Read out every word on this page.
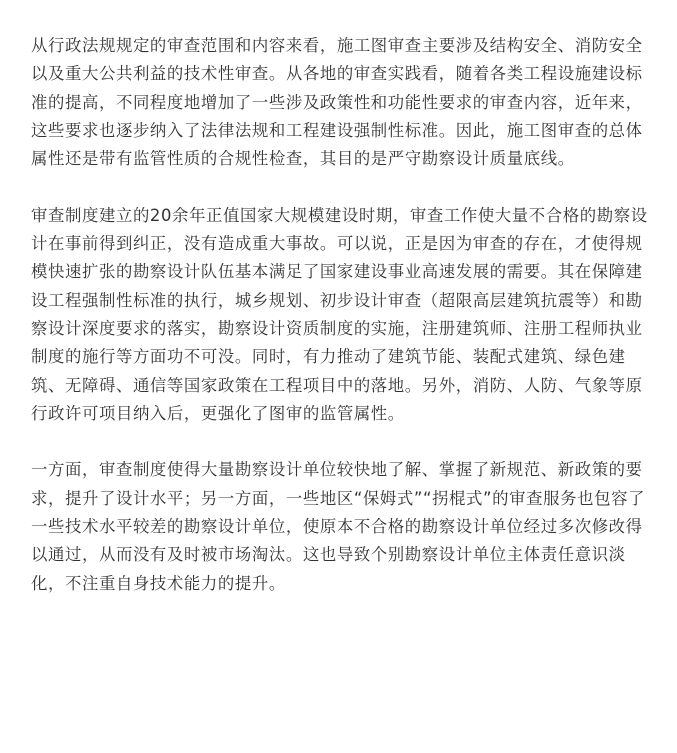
从行政法规规定的审查范围和内容来看，施工图审查主要涉及结构安全、消防安全
以及重大公共利益的技术性审查。从各地的审查实践看，随着各类工程设施建设标
准的提高，不同程度地增加了一些涉及政策性和功能性要求的审查内容，近年来，
这些要求也逐步纳入了法律法规和工程建设强制性标准。因此，施工图审查的总体
属性还是带有监管性质的合规性检查，其目的是严守勘察设计质量底线。

审查制度建立的20余年正值国家大规模建设时期，审查工作使大量不合格的勘察设
计在事前得到纠正，没有造成重大事故。可以说，正是因为审查的存在，才使得规
模快速扩张的勘察设计队伍基本满足了国家建设事业高速发展的需要。其在保障建
设工程强制性标准的执行，城乡规划、初步设计审查（超限高层建筑抗震等）和勘
察设计深度要求的落实，勘察设计资质制度的实施，注册建筑师、注册工程师执业
制度的施行等方面功不可没。同时，有力推动了建筑节能、装配式建筑、绿色建
筑、无障碍、通信等国家政策在工程项目中的落地。另外，消防、人防、气象等原
行政许可项目纳入后，更强化了图审的监管属性。

一方面，审查制度使得大量勘察设计单位较快地了解、掌握了新规范、新政策的要
求，提升了设计水平；另一方面，一些地区“保姆式”“拐棍式”的审查服务也包容了
一些技术水平较差的勘察设计单位，使原本不合格的勘察设计单位经过多次修改得
以通过，从而没有及时被市场淘汰。这也导致个别勘察设计单位主体责任意识淡
化，不注重自身技术能力的提升。
